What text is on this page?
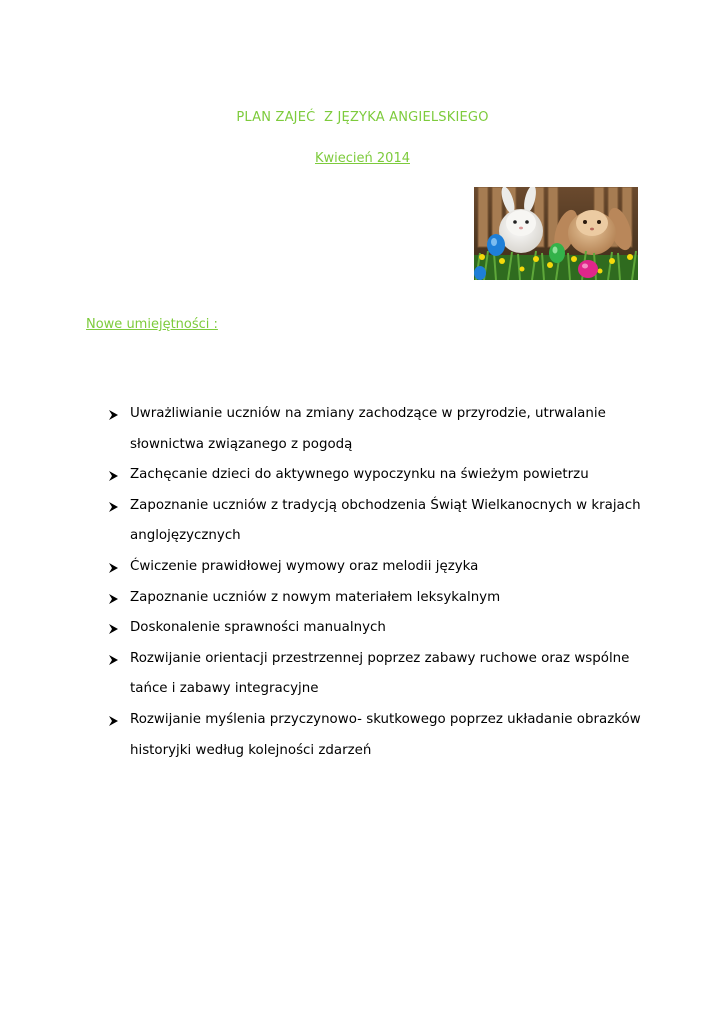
PLAN ZAJEĆ  Z JĘZYKA ANGIELSKIEGO
Kwiecień 2014
Nowe umiejętności :
Uwrażliwianie uczniów na zmiany zachodzące w przyrodzie, utrwalanie słownictwa związanego z pogodą
Zachęcanie dzieci do aktywnego wypoczynku na świeżym powietrzu
Zapoznanie uczniów z tradycją obchodzenia Świąt Wielkanocnych w krajach anglojęzycznych
Ćwiczenie prawidłowej wymowy oraz melodii języka
Zapoznanie uczniów z nowym materiałem leksykalnym
Doskonalenie sprawności manualnych
Rozwijanie orientacji przestrzennej poprzez zabawy ruchowe oraz wspólne tańce i zabawy integracyjne
Rozwijanie myślenia przyczynowo- skutkowego poprzez układanie obrazków historyjki według kolejności zdarzeń
